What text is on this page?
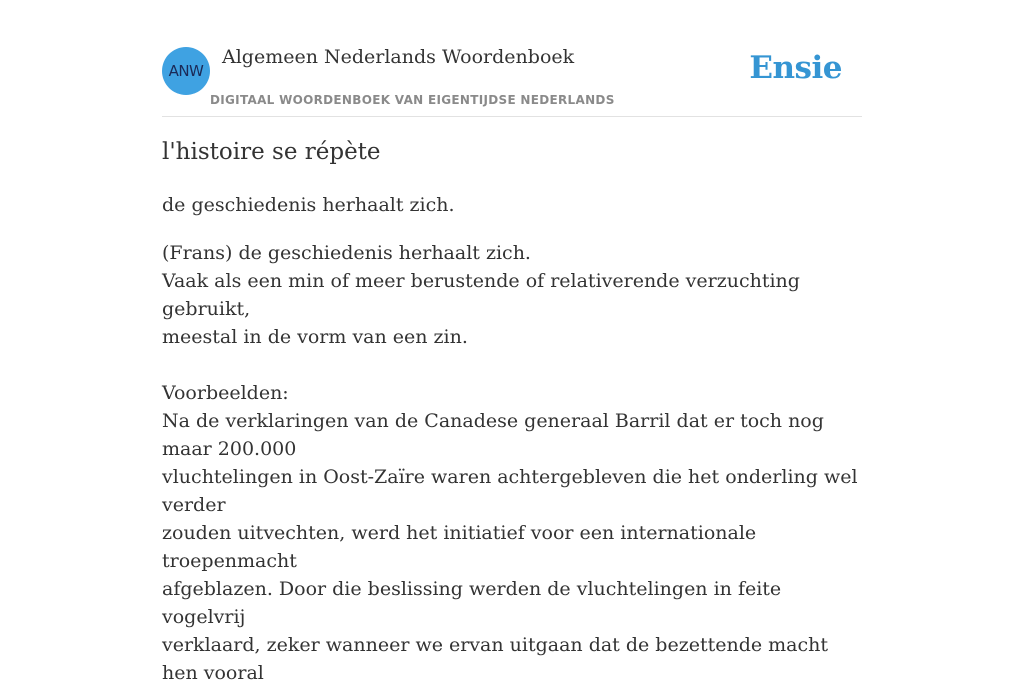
ANW
Algemeen Nederlands Woordenboek
DIGITAAL WOORDENBOEK VAN EIGENTIJDSE NEDERLANDS
Ensie
l'histoire se répète
de geschiedenis herhaalt zich.

(Frans) de geschiedenis herhaalt zich.

Vaak als een min of meer berustende of relativerende verzuchting gebruikt,

meestal in de vorm van een zin.

Voorbeelden:

Na de verklaringen van de Canadese generaal Barril dat er toch nog maar 200.000

vluchtelingen in Oost-Zaïre waren achtergebleven die het onderling wel verder

zouden uitvechten, werd het initiatief voor een internationale troepenmacht

afgeblazen. Door die beslissing werden de vluchtelingen in feite vogelvrij

verklaard, zeker wanneer we ervan uitgaan dat de bezettende macht hen vooral
